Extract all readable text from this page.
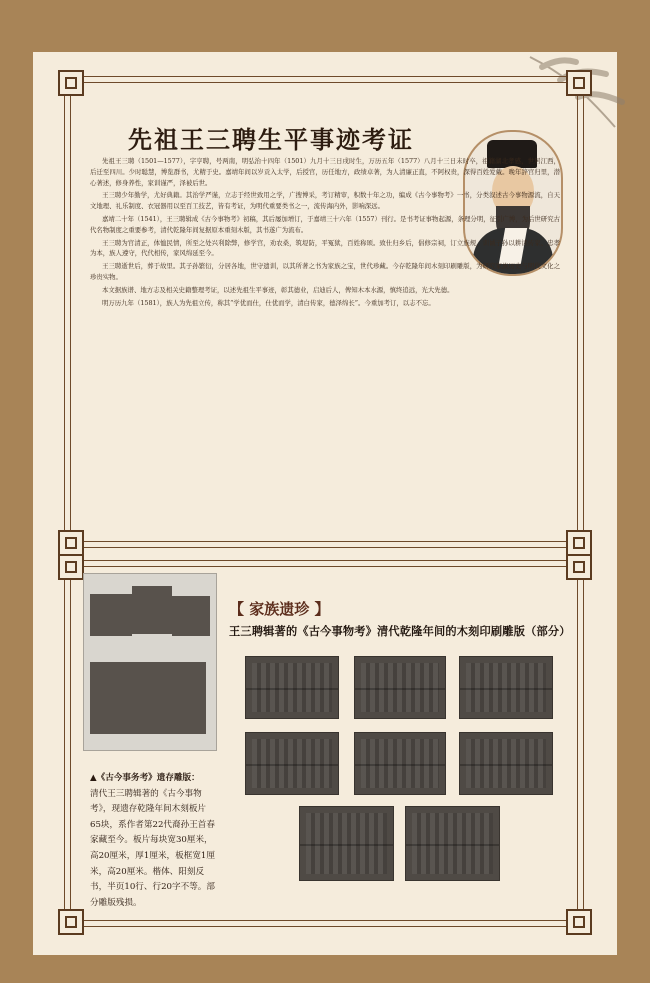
先祖王三聘生平事迹考证

先祖王三聘（1501—1577），字亨聘，号两南，明弘治十四年（1501）九月十三日戌时生，万历五年（1577）八月十三日未时卒，祖籍湖北孝感，世居江西，后迁至四川。少时聪慧，博览群书，尤精于史。嘉靖年间以岁贡入太学，后授官，历任地方，政绩卓著，为人清廉正直，不阿权贵，深得百姓爱戴。晚年辞官归里，潜心著述，修身养性，家训谨严，泽被后世。

王三聘少年勤学，尤好典籍。其治学严谨，立志于经世致用之学，广搜博采，考订精审，积数十年之功，编成《古今事物考》一书，分类叙述古今事物源流，自天文地理、礼乐制度、衣冠器用以至百工技艺，皆有考证，为明代重要类书之一，流传海内外，影响深远。

嘉靖二十年（1541），王三聘辑成《古今事物考》初稿，其后屡加增订，于嘉靖三十六年（1557）刊行。是书考证事物起源，条理分明，征引广博，为后世研究古代名物制度之重要参考，清代乾隆年间复据原本重刻木版，其书遂广为流布。

王三聘为官清正，体恤民情，所至之处兴利除弊，修学宫，劝农桑，筑堤防，平冤狱，百姓称颂。致仕归乡后，倡修宗祠，订立族规，训诫子孙以耕读传家、忠孝为本，族人遵守，代代相传，家风绵延至今。

王三聘逝世后，葬于故里。其子孙繁衍，分居各地，世守遗训，以其所著之书为家族之宝，世代珍藏。今存乾隆年间木刻印刷雕版，为研究家族历史与明代文化之珍贵实物。

本文据族谱、地方志及相关史籍整理考证，以述先祖生平事迹，彰其德业，启迪后人，俾知木本水源，慎终追远，光大先德。

明万历九年（1581），族人为先祖立传，称其“学优而仕，仕优而学，清白传家，德泽绵长”。今重加考订，以志不忘。

▲《古今事务考》遗存雕版：
清代王三聘辑著的《古今事物考》，现遗存乾隆年间木刻板片65块，系作者第22代裔孙王首春家藏至今。板片每块宽30厘米，高20厘米，厚1厘米，板框宽1厘米，高20厘米。楷体、阳刻反书，半页10行、行20字不等。部分雕版残损。
【 家族遗珍 】
王三聘辑著的《古今事物考》清代乾隆年间的木刻印刷雕版（部分）
